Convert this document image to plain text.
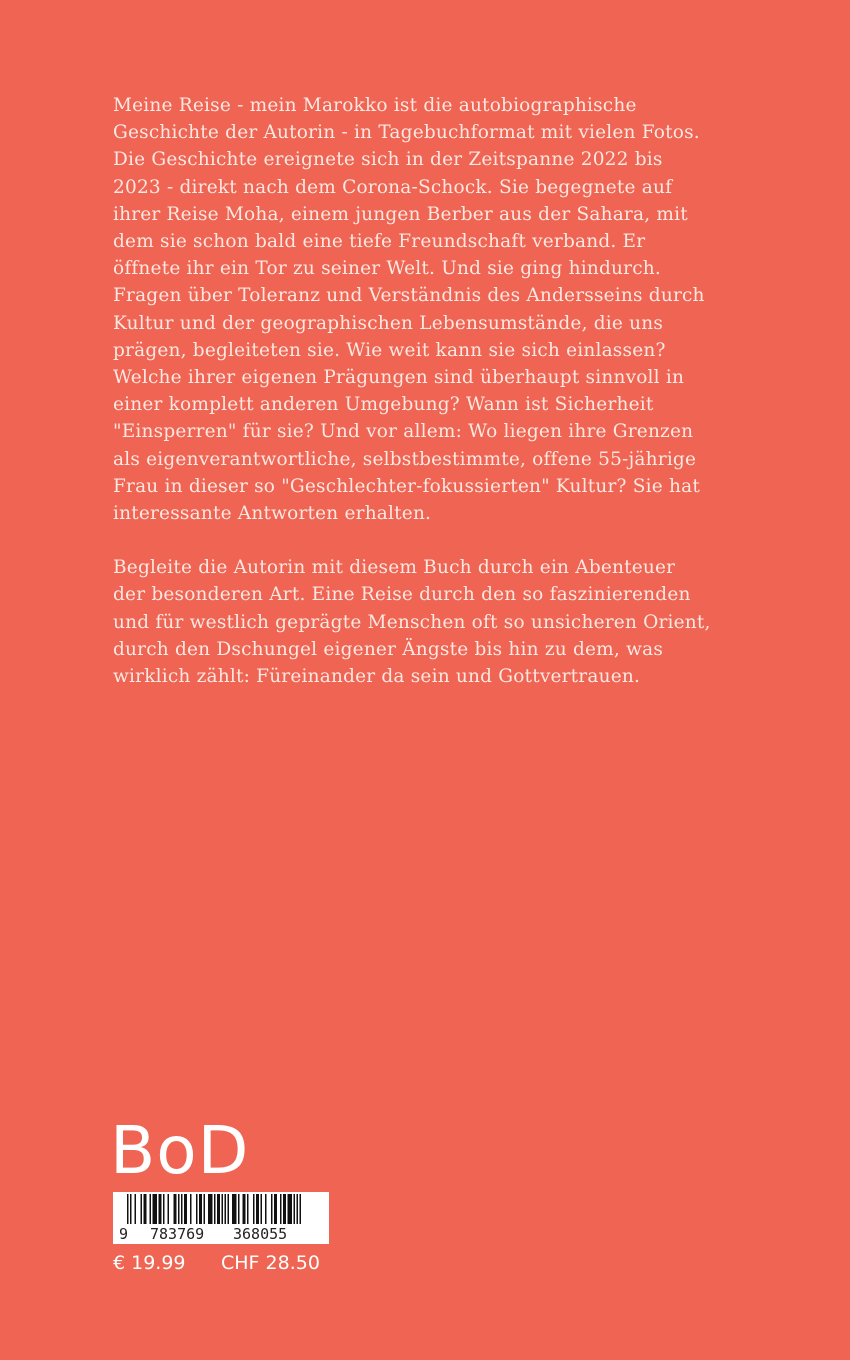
Meine Reise - mein Marokko ist die autobiographische Geschichte der Autorin - in Tagebuchformat mit vielen Fotos. Die Geschichte ereignete sich in der Zeitspanne 2022 bis 2023 - direkt nach dem Corona-Schock. Sie begegnete auf ihrer Reise Moha, einem jungen Berber aus der Sahara, mit dem sie schon bald eine tiefe Freundschaft verband. Er öffnete ihr ein Tor zu seiner Welt. Und sie ging hindurch. Fragen über Toleranz und Verständnis des Andersseins durch Kultur und der geographischen Lebensumstände, die uns prägen, begleiteten sie. Wie weit kann sie sich einlassen? Welche ihrer eigenen Prägungen sind überhaupt sinnvoll in einer komplett anderen Umgebung? Wann ist Sicherheit "Einsperren" für sie? Und vor allem: Wo liegen ihre Grenzen als eigenverantwortliche, selbstbestimmte, offene 55-jährige Frau in dieser so "Geschlechter-fokussierten" Kultur? Sie hat interessante Antworten erhalten.

Begleite die Autorin mit diesem Buch durch ein Abenteuer der besonderen Art. Eine Reise durch den so faszinierenden und für westlich geprägte Menschen oft so unsicheren Orient, durch den Dschungel eigener Ängste bis hin zu dem, was wirklich zählt: Füreinander da sein und Gottvertrauen.

BoD
9 783769 368055
€ 19.99 CHF 28.50
